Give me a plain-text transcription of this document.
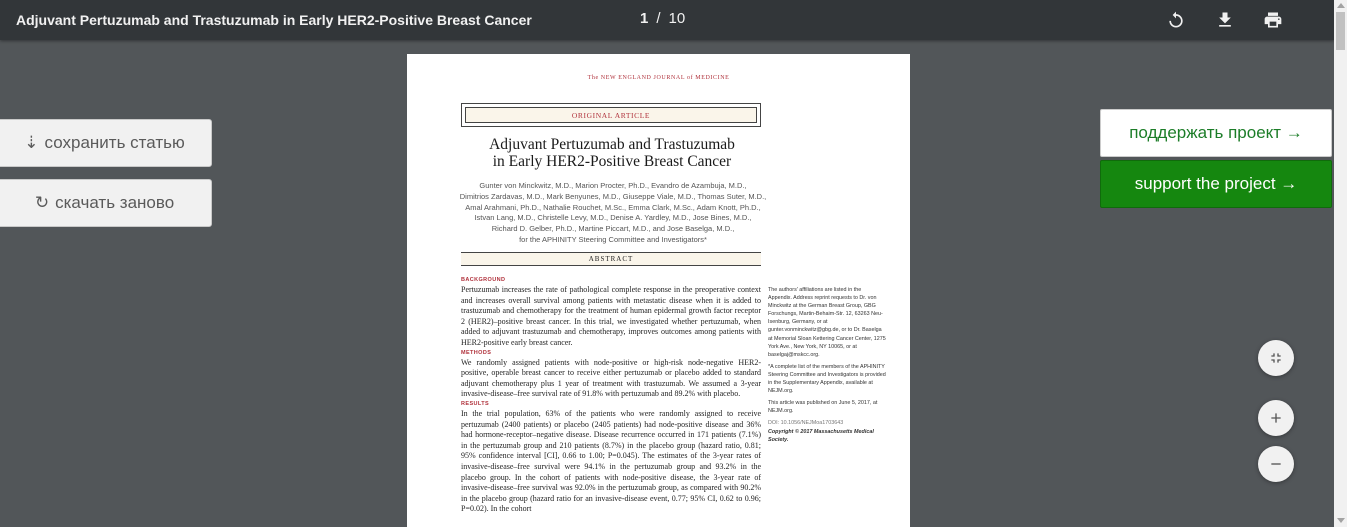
Adjuvant Pertuzumab and Trastuzumab in Early HER2-Positive Breast Cancer	1 / 10
The NEW ENGLAND JOURNAL of MEDICINE
ORIGINAL ARTICLE
Adjuvant Pertuzumab and Trastuzumab
in Early HER2-Positive Breast Cancer
Gunter von Minckwitz, M.D., Marion Procter, Ph.D., Evandro de Azambuja, M.D.,
Dimitrios Zardavas, M.D., Mark Benyunes, M.D., Giuseppe Viale, M.D., Thomas Suter, M.D.,
Amal Arahmani, Ph.D., Nathalie Rouchet, M.Sc., Emma Clark, M.Sc., Adam Knott, Ph.D.,
Istvan Lang, M.D., Christelle Levy, M.D., Denise A. Yardley, M.D., Jose Bines, M.D.,
Richard D. Gelber, Ph.D., Martine Piccart, M.D., and Jose Baselga, M.D.,
for the APHINITY Steering Committee and Investigators*
ABSTRACT
BACKGROUND

Pertuzumab increases the rate of pathological complete response in the preoperative context and increases overall survival among patients with metastatic disease when it is added to trastuzumab and chemotherapy for the treatment of human epidermal growth factor receptor 2 (HER2)–positive breast cancer. In this trial, we investigated whether pertuzumab, when added to adjuvant trastuzumab and chemotherapy, improves outcomes among patients with HER2-positive early breast cancer.

METHODS

We randomly assigned patients with node-positive or high-risk node-negative HER2-positive, operable breast cancer to receive either pertuzumab or placebo added to standard adjuvant chemotherapy plus 1 year of treatment with trastuzumab. We assumed a 3-year invasive-disease–free survival rate of 91.8% with pertuzumab and 89.2% with placebo.

RESULTS

In the trial population, 63% of the patients who were randomly assigned to receive pertuzumab (2400 patients) or placebo (2405 patients) had node-positive disease and 36% had hormone-receptor–negative disease. Disease recurrence occurred in 171 patients (7.1%) in the pertuzumab group and 210 patients (8.7%) in the placebo group (hazard ratio, 0.81; 95% confidence interval [CI], 0.66 to 1.00; P=0.045). The estimates of the 3-year rates of invasive-disease–free survival were 94.1% in the pertuzumab group and 93.2% in the placebo group. In the cohort of patients with node-positive disease, the 3-year rate of invasive-disease–free survival was 92.0% in the pertuzumab group, as compared with 90.2% in the placebo group (hazard ratio for an invasive-disease event, 0.77; 95% CI, 0.62 to 0.96; P=0.02). In the cohort

The authors' affiliations are listed in the Appendix. Address reprint requests to Dr. von Minckwitz at the German Breast Group, GBG Forschungs, Martin-Behaim-Str. 12, 63263 Neu-Isenburg, Germany, or at gunter.vonminckwitz@gbg.de, or to Dr. Baselga at Memorial Sloan Kettering Cancer Center, 1275 York Ave., New York, NY 10065, or at baselgaj@mskcc.org.

*A complete list of the members of the APHINITY Steering Committee and Investigators is provided in the Supplementary Appendix, available at NEJM.org.

This article was published on June 5, 2017, at NEJM.org.

DOI: 10.1056/NEJMoa1703643
Copyright © 2017 Massachusetts Medical Society.
⇣ сохранить статью
↻ скачать заново
поддержать проект →
support the project →
